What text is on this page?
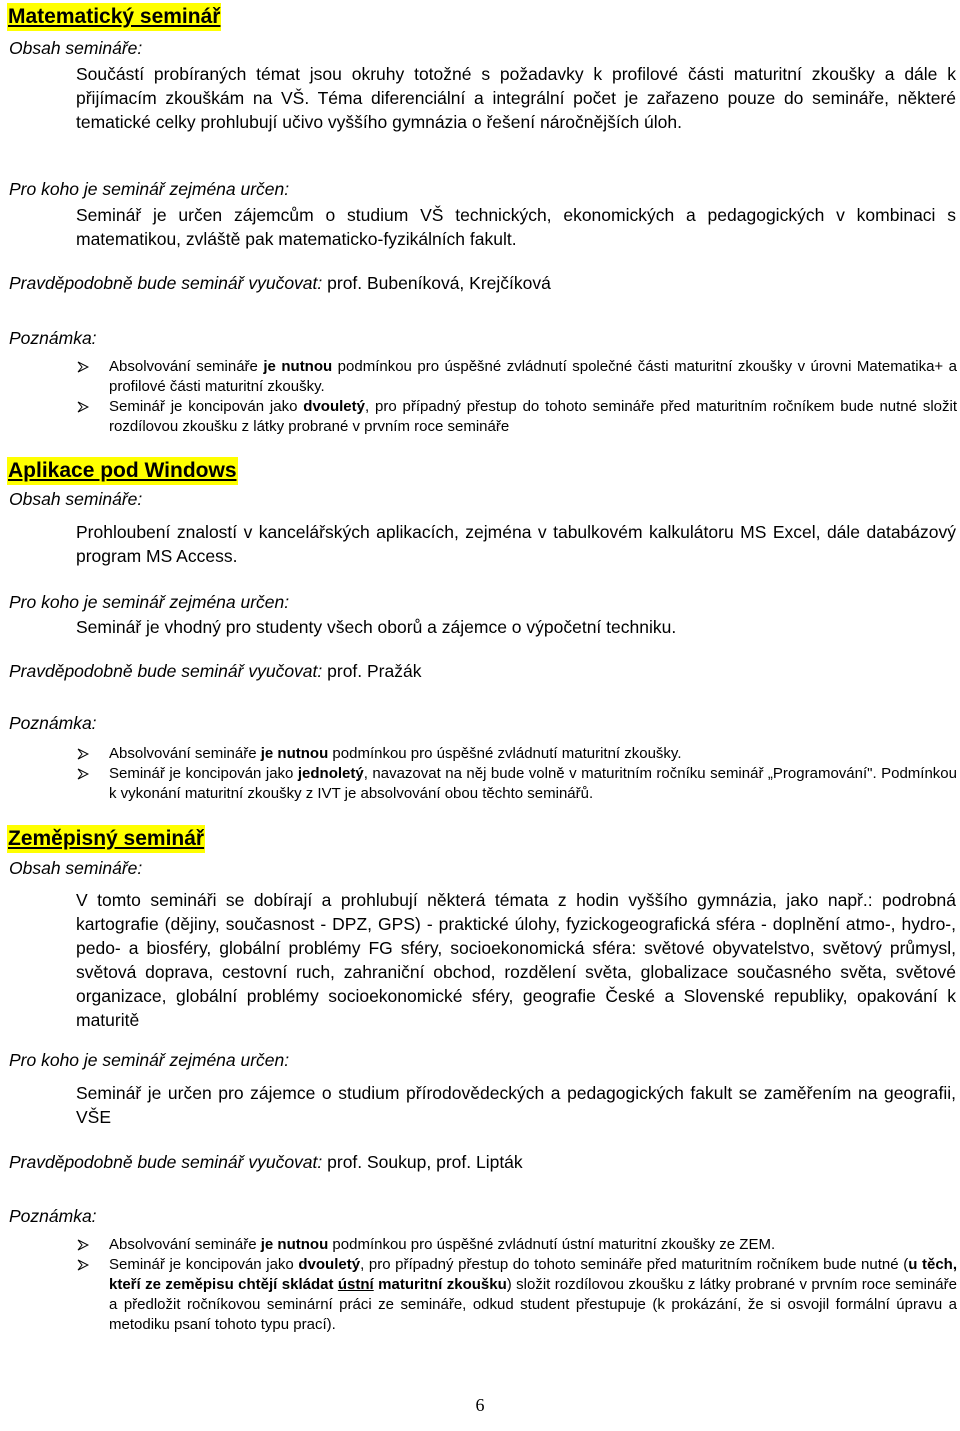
Matematický seminář
Obsah semináře:
Součástí probíraných témat jsou okruhy totožné s požadavky k profilové části maturitní zkoušky a dále k přijímacím zkouškám na VŠ. Téma diferenciální a integrální počet je zařazeno pouze do semináře, některé tematické celky prohlubují učivo vyššího gymnázia o řešení náročnějších úloh.
Pro koho je seminář zejména určen:
Seminář je určen zájemcům o studium VŠ technických, ekonomických a pedagogických v kombinaci s matematikou, zvláště pak matematicko-fyzikálních fakult.
Pravděpodobně bude seminář vyučovat: prof. Bubeníková, Krejčíková
Poznámka:
Absolvování semináře je nutnou podmínkou pro úspěšné zvládnutí společné části maturitní zkoušky v úrovni Matematika+ a profilové části maturitní zkoušky.
Seminář je koncipován jako dvouletý, pro případný přestup do tohoto semináře před maturitním ročníkem bude nutné složit rozdílovou zkoušku z látky probrané v prvním roce semináře
Aplikace pod Windows
Obsah semináře:
Prohloubení znalostí v kancelářských aplikacích, zejména v tabulkovém kalkulátoru MS Excel, dále databázový program MS Access.
Pro koho je seminář zejména určen:
Seminář je vhodný pro studenty všech oborů a zájemce o výpočetní techniku.
Pravděpodobně bude seminář vyučovat: prof. Pražák
Poznámka:
Absolvování semináře je nutnou podmínkou pro úspěšné zvládnutí maturitní zkoušky.
Seminář je koncipován jako jednoletý, navazovat na něj bude volně v maturitním ročníku seminář „Programování". Podmínkou k vykonání maturitní zkoušky z IVT je absolvování obou těchto seminářů.
Zeměpisný seminář
Obsah semináře:
V tomto semináři se dobírají a prohlubují některá témata z hodin vyššího gymnázia, jako např.: podrobná kartografie (dějiny, současnost - DPZ, GPS) - praktické úlohy, fyzickogeografická sféra - doplnění atmo-, hydro-, pedo- a biosféry, globální problémy FG sféry, socioekonomická sféra: světové obyvatelstvo, světový průmysl, světová doprava, cestovní ruch, zahraniční obchod, rozdělení světa, globalizace současného světa, světové organizace, globální problémy socioekonomické sféry, geografie České a Slovenské republiky, opakování k maturitě
Pro koho je seminář zejména určen:
Seminář je určen pro zájemce o studium přírodovědeckých a pedagogických fakult se zaměřením na geografii, VŠE
Pravděpodobně bude seminář vyučovat: prof. Soukup, prof. Lipták
Poznámka:
Absolvování semináře je nutnou podmínkou pro úspěšné zvládnutí ústní maturitní zkoušky ze ZEM.
Seminář je koncipován jako dvouletý, pro případný přestup do tohoto semináře před maturitním ročníkem bude nutné (u těch, kteří ze zeměpisu chtějí skládat ústní maturitní zkoušku) složit rozdílovou zkoušku z látky probrané v prvním roce semináře a předložit ročníkovou seminární práci ze semináře, odkud student přestupuje (k prokázání, že si osvojil formální úpravu a metodiku psaní tohoto typu prací).
6
